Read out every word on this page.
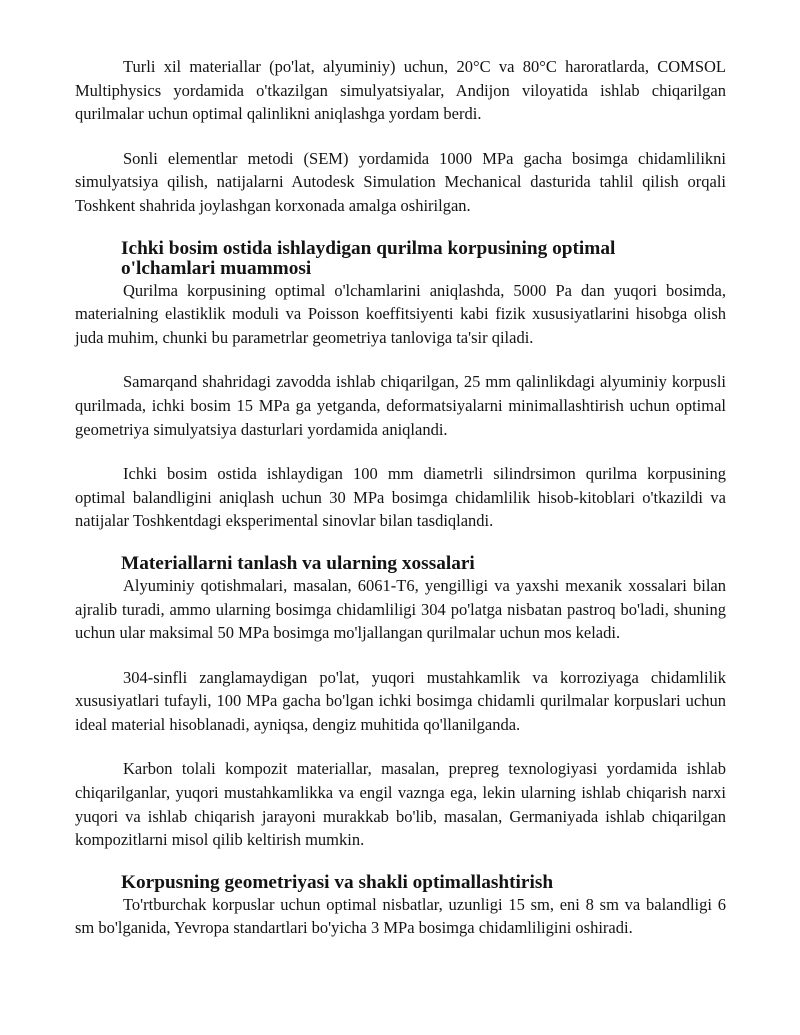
Turli xil materiallar (po'lat, alyuminiy) uchun, 20°C va 80°C haroratlarda, COMSOL Multiphysics yordamida o'tkazilgan simulyatsiyalar, Andijon viloyatida ishlab chiqarilgan qurilmalar uchun optimal qalinlikni aniqlashga yordam berdi.

Sonli elementlar metodi (SEM) yordamida 1000 MPa gacha bosimga chidamlilikni simulyatsiya qilish, natijalarni Autodesk Simulation Mechanical dasturida tahlil qilish orqali Toshkent shahrida joylashgan korxonada amalga oshirilgan.

Ichki bosim ostida ishlaydigan qurilma korpusining optimal o'lchamlari muammosi

Qurilma korpusining optimal o'lchamlarini aniqlashda, 5000 Pa dan yuqori bosimda, materialning elastiklik moduli va Poisson koeffitsiyenti kabi fizik xususiyatlarini hisobga olish juda muhim, chunki bu parametrlar geometriya tanloviga ta'sir qiladi.

Samarqand shahridagi zavodda ishlab chiqarilgan, 25 mm qalinlikdagi alyuminiy korpusli qurilmada, ichki bosim 15 MPa ga yetganda, deformatsiyalarni minimallashtirish uchun optimal geometriya simulyatsiya dasturlari yordamida aniqlandi.

Ichki bosim ostida ishlaydigan 100 mm diametrli silindrsimon qurilma korpusining optimal balandligini aniqlash uchun 30 MPa bosimga chidamlilik hisob-kitoblari o'tkazildi va natijalar Toshkentdagi eksperimental sinovlar bilan tasdiqlandi.

Materiallarni tanlash va ularning xossalari

Alyuminiy qotishmalari, masalan, 6061-T6, yengilligi va yaxshi mexanik xossalari bilan ajralib turadi, ammo ularning bosimga chidamliligi 304 po'latga nisbatan pastroq bo'ladi, shuning uchun ular maksimal 50 MPa bosimga mo'ljallangan qurilmalar uchun mos keladi.

304-sinfli zanglamaydigan po'lat, yuqori mustahkamlik va korroziyaga chidamlilik xususiyatlari tufayli, 100 MPa gacha bo'lgan ichki bosimga chidamli qurilmalar korpuslari uchun ideal material hisoblanadi, ayniqsa, dengiz muhitida qo'llanilganda.

Karbon tolali kompozit materiallar, masalan, prepreg texnologiyasi yordamida ishlab chiqarilganlar, yuqori mustahkamlikka va engil vaznga ega, lekin ularning ishlab chiqarish narxi yuqori va ishlab chiqarish jarayoni murakkab bo'lib, masalan, Germaniyada ishlab chiqarilgan kompozitlarni misol qilib keltirish mumkin.

Korpusning geometriyasi va shakli optimallashtirish

To'rtburchak korpuslar uchun optimal nisbatlar, uzunligi 15 sm, eni 8 sm va balandligi 6 sm bo'lganida, Yevropa standartlari bo'yicha 3 MPa bosimga chidamliligini oshiradi.
